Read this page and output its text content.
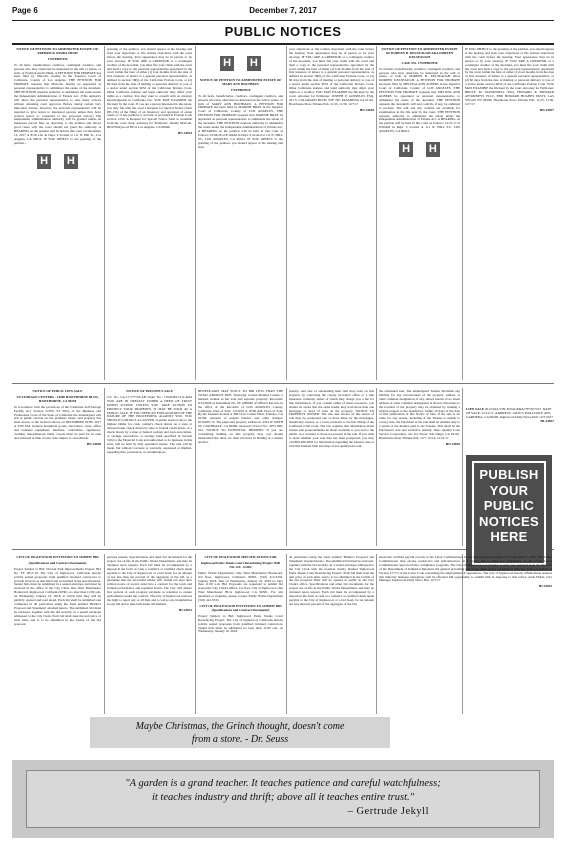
Page 6	December 7, 2017
PUBLIC NOTICES
NOTICE OF PETITION TO ADMINISTER ESTATE OF: FREDRICK ANDRA HUSH
17STPB07419

To all heirs, beneficiaries, creditors, contingent creditors, and persons who may otherwise be interested in the will or estate, or both, of Fredrick Andra Hush. A PETITION FOR PROBATE has been filed by Malcom, Jeremy in the Superior Court of California, County of Los Angeles. THE PETITION FOR PROBATE requests that Malcom, Jeremy be appointed as personal representative to administer the estate of the decedent. THE PETITION requests authority to administer the estate under the Independent Administration of Estates Act. (This authority will allow the personal representative to take many actions without obtaining court approval. Before taking certain very important actions, however, the personal representative will be required to give notice to interested persons unless they have waived notice or consented to the proposed action.) The independent administration authority will be granted unless an interested person files an objection to the petition and shows good cause why the court should not grant the authority. A HEARING on the petition will be held in this court on December 13, 2017 at 8:30 a.m. in Dept. 9 located at 111 N. Hill St., Los Angeles, CA 90012. IF YOU OBJECT to the granting of the petition...

H H

granting of the petition, you should appear at the hearing and state your objections or file written objections with the court before the hearing. Your appearance may be in person or by your attorney. IF YOU ARE A CREDITOR or a contingent creditor of the decedent, you must file your claim with the court and mail a copy to the personal representative appointed by the court within the later of either (1) four months from the date of first issuance of letters to a general personal representative, as defined in section 58(b) of the California Probate Code, or (2) 60 days from the date of mailing or personal delivery to you of a notice under section 9052 of the California Probate Code. Other California statutes and legal authority may affect your rights as a creditor. You may want to consult with an attorney knowledgeable in California law. YOU MAY EXAMINE the file kept by the court. If you are a person interested in the estate, you may file with the court a Request for Special Notice (form DE-154) of the filing of an inventory and appraisal of estate assets or of any petition or account as provided in Probate Code section 1250. A Request for Special Notice form is available from the court clerk. Attorney for Petitioner: Jeremy Malcom, 8910 Hollywood Blvd, Los Angeles, CA 90046.

HN-24823
H H
NOTICE OF PETITION TO ADMINISTER ESTATE OF MARY ANN HOCHMAN
17STPB07810

To all heirs, beneficiaries, creditors, contingent creditors, and persons who may otherwise be interested in the will or estate, or both of MARY ANN HOCHMAN. A PETITION FOR PROBATE has been filed by MARNIE BRAY in the Superior Court of California, County of LOS ANGELES. THE PETITION FOR PROBATE requests that MARNIE BRAY be appointed as personal representative to administer the estate of the decedent. THE PETITION requests authority to administer the estate under the Independent Administration of Estates Act. A HEARING on the petition will be held in this court as follows: 01/04/18 at 8:30AM in Dept. 9 located at 111 N. HILL ST., LOS ANGELES, CA 90012. IF YOU OBJECT to the granting of the petition, you should appear at the hearing and state

your objections or file written objections with the court before the hearing. Your appearance may be in person or by your attorney. IF YOU ARE A CREDITOR or a contingent creditor of the decedent, you must file your claim with the court and mail a copy to the personal representative appointed by the court within the later of either (1) four months from the date of first issuance of letters to a general personal representative, as defined in section 58(b) of the California Probate Code, or (2) 60 days from the date of mailing or personal delivery to you of a notice under section 9052 of the California Probate Code. Other California statutes and legal authority may affect your rights as a creditor. YOU MAY EXAMINE the file kept by the court. Attorney for Petitioner: JOSEPH P. GOSSELIN, ESQ. 201 S. COLORADO BLVD. STE 700, PASADENA CA 91101. Hawthorne Press Tribune Pub. 11/23, 11/30, 12/7/17

HN-24818
NOTICE OF PETITION TO ADMINISTER ESTATE OF DOREEN B. KELSEAUGH AKA DOREEN KELSEAUGH
CASE NO. 17STPB07830

To all heirs, beneficiaries, creditors, contingent creditors, and persons who may otherwise be interested in the will or estate, or both of DOREEN B. KELSEAUGH AKA DOREEN KELSEAUGH. A PETITION FOR PROBATE has been filed by MELISSA ANN ALBERS in the Superior Court of California, County of LOS ANGELES. THE PETITION FOR PROBATE requests that MELISSA ANN ALBERS be appointed as personal representative to administer the estate of the decedent. THE PETITION requests the decedent's will and codicils, if any, be admitted to probate. The will and any codicils are available for examination in the file kept by the court. THE PETITION requests authority to administer the estate under the Independent Administration of Estates Act. A HEARING on the petition will be held in this court as follows: 12/21/17 at 8:30AM in Dept. 5 located at 111 N. HILL ST., LOS ANGELES, CA 90012.

H H

IF YOU OBJECT to the granting of the petition, you should appear at the hearing and state your objections or file written objections with the court before the hearing. Your appearance may be in person or by your attorney. IF YOU ARE A CREDITOR or a contingent creditor of the decedent, you must file your claim with the court and mail a copy to the personal representative appointed by the court within the later of either (1) four months from the date of first issuance of letters to a general personal representative, or (2) 60 days from the date of mailing or personal delivery to you of a notice under section 9052 of the California Probate Code. YOU MAY EXAMINE the file kept by the court. Attorney for Petitioner: BRUCE M. McDONNELL ESQ, HOWARD & HOWARD ATTORNEYS PLLC, 3800 HOWARD HUGHES PKWY, LAS VEGAS NV 89169. Hawthorne Press Tribune Pub. 11/23, 11/30, 12/7/17

HN-24827
NOTICE OF PUBLIC LIEN SALE
US STORAGE CENTERS - 14900 HAWTHORNE BLVD, HAWTHORNE, CA 90250

In accordance with the provisions of the California Self-Storage Facility Act, Section 21700, ET SEQ. of the Business and Professions Code of the State of California the undersigned will sell at public auction on the premises where said property has been stored, at the location shown on DECEMBER 19TH, 2017 at 3:00 P.M. General household goods, electronics, tools, office and business equipment, furniture, collectibles, appliances, clothing, miscellaneous items. Goods must be paid for in cash and removed at time of sale. Sale subject to cancellation.

HN-24828
NOTICE OF TRUSTEE'S SALE

T.S. No. CA-17-777718-AB Order No.: 170424813-CA-MAI YOU ARE IN DEFAULT UNDER A DEED OF TRUST DATED 6/2/2006. UNLESS YOU TAKE ACTION TO PROTECT YOUR PROPERTY, IT MAY BE SOLD AT A PUBLIC SALE. IF YOU NEED AN EXPLANATION OF THE NATURE OF THE PROCEEDING AGAINST YOU, YOU SHOULD CONTACT A LAWYER. A public auction sale to the highest bidder for cash, cashier's check drawn on a state or national bank, check drawn by state or federal credit union, or a check drawn by a state or federal savings and loan association, or savings association, or savings bank specified in Section 5102 to the Financial Code and authorized to do business in this state, will be held by duly appointed trustee. The sale will be made, but without covenant or warranty, expressed or implied, regarding title, possession, or encumbrances.

BENEFICIARY MAY ELECT TO BID LESS THAN THE TOTAL AMOUNT DUE. Trustor(s): Joanne Maddox Lassila, a married woman as her sole and separate property. Recorded: 6/12/2006 as Instrument No. 06 1289040 of Official Records in the office of the Recorder of LOS ANGELES County, California. Date of Sale: 1/3/2018 at 10:00 AM. Place of Sale: By the fountain located at 400 Civic Center Plaza, Pomona, CA 91766. Amount of unpaid balance and other charges: $519,867.15. The purported property address is: 4324 W 166TH ST, LAWNDALE, CA 90260. Assessor's Parcel No.: 4075-008-012. NOTICE TO POTENTIAL BIDDERS: If you are considering bidding on this property lien, you should understand that there are risks involved in bidding at a trustee auction.

priority, and size of outstanding liens that may exist on this property by contacting the county recorder's office or a title insurance company, either of which may charge you a fee for this information. If you consult either of these resources, you should be aware that the same lender may hold more than one mortgage or deed of trust on the property. NOTICE TO PROPERTY OWNER: The sale date shown on this notice of sale may be postponed one or more times by the mortgagee, beneficiary, trustee, or a court, pursuant to Section 2924g of the California Civil Code. The law requires that information about trustee sale postponements be made available to you and to the public, as a courtesy to those not present at the sale. If you wish to learn whether your sale date has been postponed, you may call 800-280-2832 for information regarding the trustee's sale or visit this Internet Web site http://www.qualityloan.com.

the scheduled sale. The undersigned Trustee disclaims any liability for any incorrectness of the property address or other common designation, if any, shown herein. If no street address or other common designation is shown, directions to the location of the property may be obtained by sending a written request to the beneficiary within 10 days of the date of first publication of this Notice of Sale. If the sale is set aside for any reason, including if the Trustee is unable to convey title, the Purchaser at the sale shall be entitled only to a return of the monies paid to the Trustee. This shall be the Purchaser's sole and exclusive remedy. Date: Quality Loan Service Corporation, 411 Ivy Street, San Diego, CA 92101. Hawthorne Press Tribune Pub. 12/7, 12/14, 12/21/17

HN-24829
LIEN SALE 2015 KIA VIN: KNAGM4A77F5557107. DATE OF SALE: 12/21/17. ADDRESS: 14330 S. HALLDALE AVE, GARDENA, CA 90249. Inglewood Daily News Pub: 12/7/2017
HI-24837
PUBLISH
YOUR
PUBLIC
NOTICES
HERE
CITY OF INGLEWOOD INVITATION TO SUBMIT BID
(Specifications and Contract Documents)

Project Subject to Bid: Vincent Park Improvements Project. Bid No. FY 2017-18. The City of Inglewood, California hereby solicits sealed proposals from qualified licensed contractors to provide services as described and as detailed in the specifications. Sealed bids must be submitted in a sealed envelope and must be received in the office of the City Clerk, One West Manchester Boulevard, Inglewood, California 90301, no later than 11:00 a.m. on Wednesday, January 10, 2018, at which time they will be publicly opened and read aloud. Each bid shall be submitted and completed in all particulars using the form entitled 'Bidder's Proposal and Statement' attached hereto. The submitted bid must be enclosed, together with the bid security, in a sealed envelope addressed to the City Clerk. Each bid shall state the unit price of each item, and is to be submitted in the format of the bid proposal.

persons present. Specifications and other bid documents for the project are on file in the Public Works Department, and may be obtained upon request. Each bid must be accompanied by a deposit in the form of cash, a cashier's or certified check made payable to the City of Inglewood, or a bid bond, for an amount of not less than ten percent of the aggregate of the bid, as a guarantee that the successful bidder will, within ten days after written notice of award, enter into a contract for the work and furnish performance and payment bonds. The City will deduct five percent of each progress payment as retention to ensure performance under the contract. The City of Inglewood reserves the right to reject any or all bids and to waive any irregularities in any bid and to take bids under advisement.

HI-24831
CITY OF INGLEWOOD SPECIFICATIONS FOR
Inglewood Parks Tennis Court Resurfacing Project. BID NO. GE - 01402

Public Works Department, One West Manchester Boulevard, 3rd floor, Inglewood, California 90301. (310) 412-5333. January 2018. Due on Wednesday, January 10, 2018 no later than 11:00 a.m. Bid Proposals are requested to submit bid proposals: City Clerk's Office, 1st floor, City of Inglewood, One West Manchester Blvd, Inglewood, CA 90301. For any questions or inquiries, please contact Public Works Department (310) 412-5333.

CITY OF INGLEWOOD INVITATION TO SUBMIT BID (Specifications and Contract Documents)

Project Subject to Bid: Inglewood Parks Tennis Court Resurfacing Project. The City of Inglewood, California hereby solicits sealed proposals from qualified licensed contractors. Sealed bids must be submitted no later than 11:00 a.m. on Wednesday, January 10, 2018.

all particulars using the form entitled 'Bidder's Proposal and Statement' attached hereto. The submitted bid must be enclosed, together with the bid security, in a sealed envelope addressed to the City Clerk with the notation clearly marked 'Inglewood Parks Tennis Court Resurfacing Project'. Each bid shall state the unit price of each item, and is to be submitted in the format of the bid proposal. Bids will be opened in public in the City Clerk's office. Specifications and other bid documents for the project are on file in the Public Works Department, and may be obtained upon request. Each bid must be accompanied by a deposit in the form of cash or a cashier's or certified check made payable to the City of Inglewood, or a bid bond, for an amount not less than ten percent of the aggregate of the bid.

electronic certified payroll records to the Labor Commissioner for all new projects awarded on or after April 1, 2015. The Labor Commissioner may excuse contractors and subcontractors on a project that is under the jurisdiction of one of the Labor Commissioner approved labor compliance programs. The City of Inglewood, Los Angeles County, has obtained from the Director of the Department of Industrial Relations the general prevailing rate of per diem wages. Attention is directed to the provisions of Section 1777.5 of the Labor Code concerning the employment of apprentices. The City of Inglewood hereby affirmatively ensures that minority business enterprises will be afforded full opportunity to submit bids in response to this notice. Artie Fields, City Manager. Inglewood Daily News Pub. 12/7/17

HI-24832
Maybe Christmas, the Grinch thought, doesn't come
from a store. - Dr. Seuss
"A garden is a grand teacher. It teaches patience and careful watchfulness;
it teaches industry and thrift; above all it teaches entire trust."
– Gertrude Jekyll
